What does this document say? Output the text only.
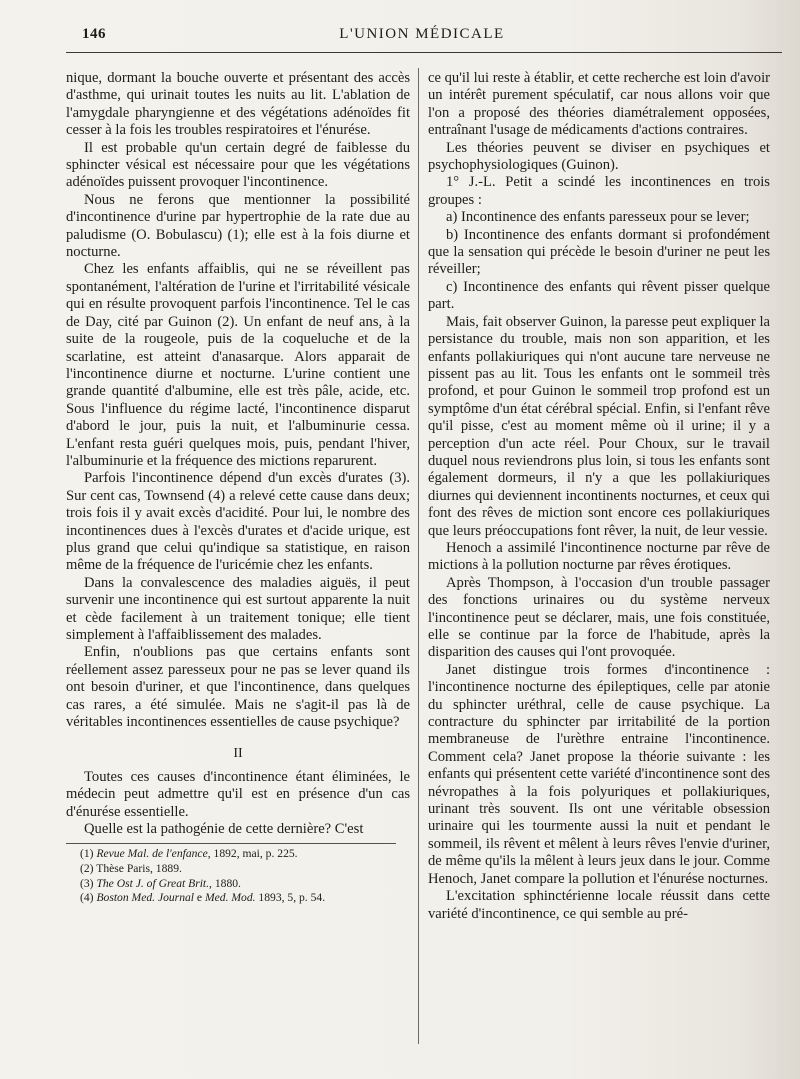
146	L'UNION MÉDICALE

nique, dormant la bouche ouverte et présentant des accès d'asthme, qui urinait toutes les nuits au lit. L'ablation de l'amygdale pharyngienne et des végétations adénoïdes fit cesser à la fois les troubles respiratoires et l'énurése.

Il est probable qu'un certain degré de faiblesse du sphincter vésical est nécessaire pour que les végétations adénoïdes puissent provoquer l'incontinence.

Nous ne ferons que mentionner la possibilité d'incontinence d'urine par hypertrophie de la rate due au paludisme (O. Bobulascu) (1); elle est à la fois diurne et nocturne.

Chez les enfants affaiblis, qui ne se réveillent pas spontanément, l'altération de l'urine et l'irritabilité vésicale qui en résulte provoquent parfois l'incontinence. Tel le cas de Day, cité par Guinon (2). Un enfant de neuf ans, à la suite de la rougeole, puis de la coqueluche et de la scarlatine, est atteint d'anasarque. Alors apparait de l'incontinence diurne et nocturne. L'urine contient une grande quantité d'albumine, elle est très pâle, acide, etc. Sous l'influence du régime lacté, l'incontinence disparut d'abord le jour, puis la nuit, et l'albuminurie cessa. L'enfant resta guéri quelques mois, puis, pendant l'hiver, l'albuminurie et la fréquence des mictions reparurent.

Parfois l'incontinence dépend d'un excès d'urates (3). Sur cent cas, Townsend (4) a relevé cette cause dans deux; trois fois il y avait excès d'acidité. Pour lui, le nombre des incontinences dues à l'excès d'urates et d'acide urique, est plus grand que celui qu'indique sa statistique, en raison même de la fréquence de l'uricémie chez les enfants.

Dans la convalescence des maladies aiguës, il peut survenir une incontinence qui est surtout apparente la nuit et cède facilement à un traitement tonique; elle tient simplement à l'affaiblissement des malades.

Enfin, n'oublions pas que certains enfants sont réellement assez paresseux pour ne pas se lever quand ils ont besoin d'uriner, et que l'incontinence, dans quelques cas rares, a été simulée. Mais ne s'agit-il pas là de véritables incontinences essentielles de cause psychique?

II

Toutes ces causes d'incontinence étant éliminées, le médecin peut admettre qu'il est en présence d'un cas d'énurése essentielle.

Quelle est la pathogénie de cette dernière? C'est

(1) Revue Mal. de l'enfance, 1892, mai, p. 225.
(2) Thèse Paris, 1889.
(3) The Ost J. of Great Brit., 1880.
(4) Boston Med. Journal e Med. Mod. 1893, 5, p. 54.

ce qu'il lui reste à établir, et cette recherche est loin d'avoir un intérêt purement spéculatif, car nous allons voir que l'on a proposé des théories diamétralement opposées, entraînant l'usage de médicaments d'actions contraires.

Les théories peuvent se diviser en psychiques et psychophysiologiques (Guinon).

1° J.-L. Petit a scindé les incontinences en trois groupes :

a) Incontinence des enfants paresseux pour se lever;

b) Incontinence des enfants dormant si profondément que la sensation qui précède le besoin d'uriner ne peut les réveiller;

c) Incontinence des enfants qui rêvent pisser quelque part.

Mais, fait observer Guinon, la paresse peut expliquer la persistance du trouble, mais non son apparition, et les enfants pollakiuriques qui n'ont aucune tare nerveuse ne pissent pas au lit. Tous les enfants ont le sommeil très profond, et pour Guinon le sommeil trop profond est un symptôme d'un état cérébral spécial. Enfin, si l'enfant rêve qu'il pisse, c'est au moment même où il urine; il y a perception d'un acte réel. Pour Choux, sur le travail duquel nous reviendrons plus loin, si tous les enfants sont également dormeurs, il n'y a que les pollakiuriques diurnes qui deviennent incontinents nocturnes, et ceux qui font des rêves de miction sont encore ces pollakiuriques que leurs préoccupations font rêver, la nuit, de leur vessie.

Henoch a assimilé l'incontinence nocturne par rêve de mictions à la pollution nocturne par rêves érotiques.

Après Thompson, à l'occasion d'un trouble passager des fonctions urinaires ou du système nerveux l'incontinence peut se déclarer, mais, une fois constituée, elle se continue par la force de l'habitude, après la disparition des causes qui l'ont provoquée.

Janet distingue trois formes d'incontinence : l'incontinence nocturne des épileptiques, celle par atonie du sphincter uréthral, celle de cause psychique. La contracture du sphincter par irritabilité de la portion membraneuse de l'urèthre entraine l'incontinence. Comment cela? Janet propose la théorie suivante : les enfants qui présentent cette variété d'incontinence sont des névropathes à la fois polyuriques et pollakiuriques, urinant très souvent. Ils ont une véritable obsession urinaire qui les tourmente aussi la nuit et pendant le sommeil, ils rêvent et mêlent à leurs rêves l'envie d'uriner, de même qu'ils la mêlent à leurs jeux dans le jour. Comme Henoch, Janet compare la pollution et l'énurése nocturnes.

L'excitation sphinctérienne locale réussit dans cette variété d'incontinence, ce qui semble au pré-
